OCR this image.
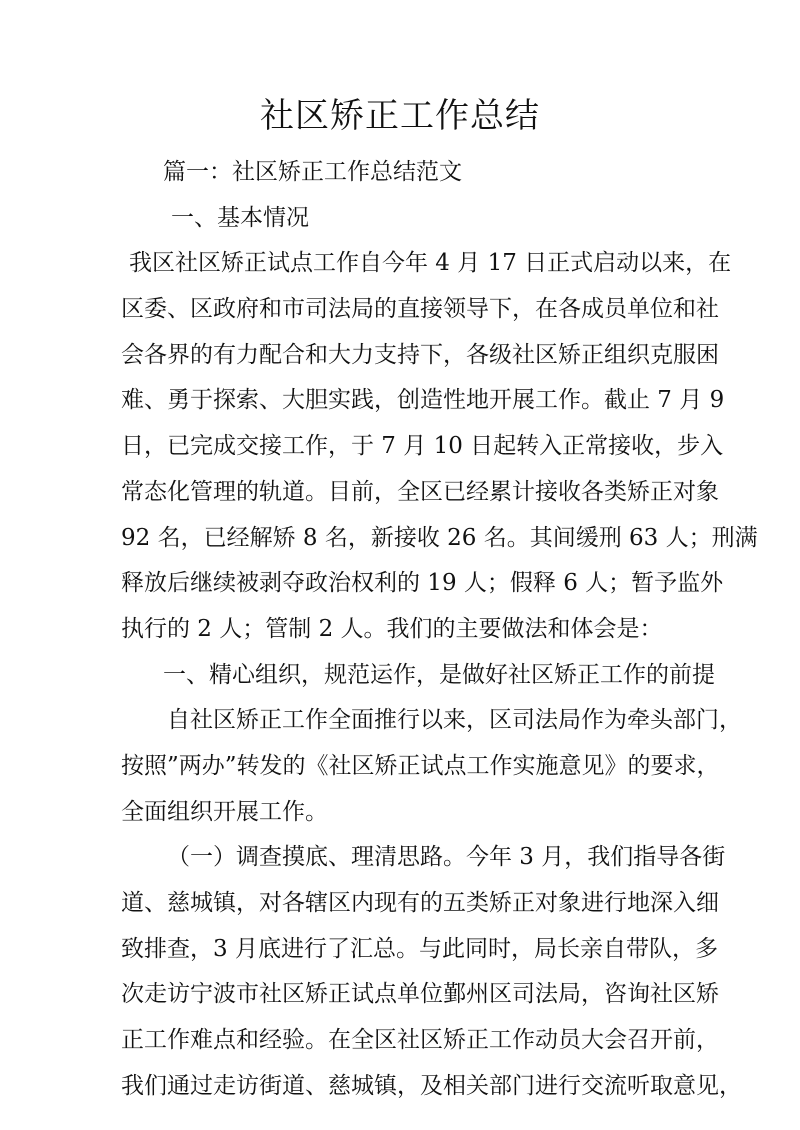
社区矫正工作总结
篇一：社区矫正工作总结范文
一、基本情况
我区社区矫正试点工作自今年 4 月 17 日正式启动以来，在
区委、区政府和市司法局的直接领导下，在各成员单位和社
会各界的有力配合和大力支持下，各级社区矫正组织克服困
难、勇于探索、大胆实践，创造性地开展工作。截止 7 月 9
日，已完成交接工作，于 7 月 10 日起转入正常接收，步入
常态化管理的轨道。目前，全区已经累计接收各类矫正对象
92 名，已经解矫 8 名，新接收 26 名。其间缓刑 63 人；刑满
释放后继续被剥夺政治权利的 19 人；假释 6 人；暂予监外
执行的 2 人；管制 2 人。我们的主要做法和体会是：
一、精心组织，规范运作，是做好社区矫正工作的前提
自社区矫正工作全面推行以来，区司法局作为牵头部门，
按照”两办”转发的《社区矫正试点工作实施意见》的要求，
全面组织开展工作。
（一）调查摸底、理清思路。今年 3 月，我们指导各街
道、慈城镇，对各辖区内现有的五类矫正对象进行地深入细
致排查，3 月底进行了汇总。与此同时，局长亲自带队，多
次走访宁波市社区矫正试点单位鄞州区司法局，咨询社区矫
正工作难点和经验。在全区社区矫正工作动员大会召开前，
我们通过走访街道、慈城镇，及相关部门进行交流听取意见，
